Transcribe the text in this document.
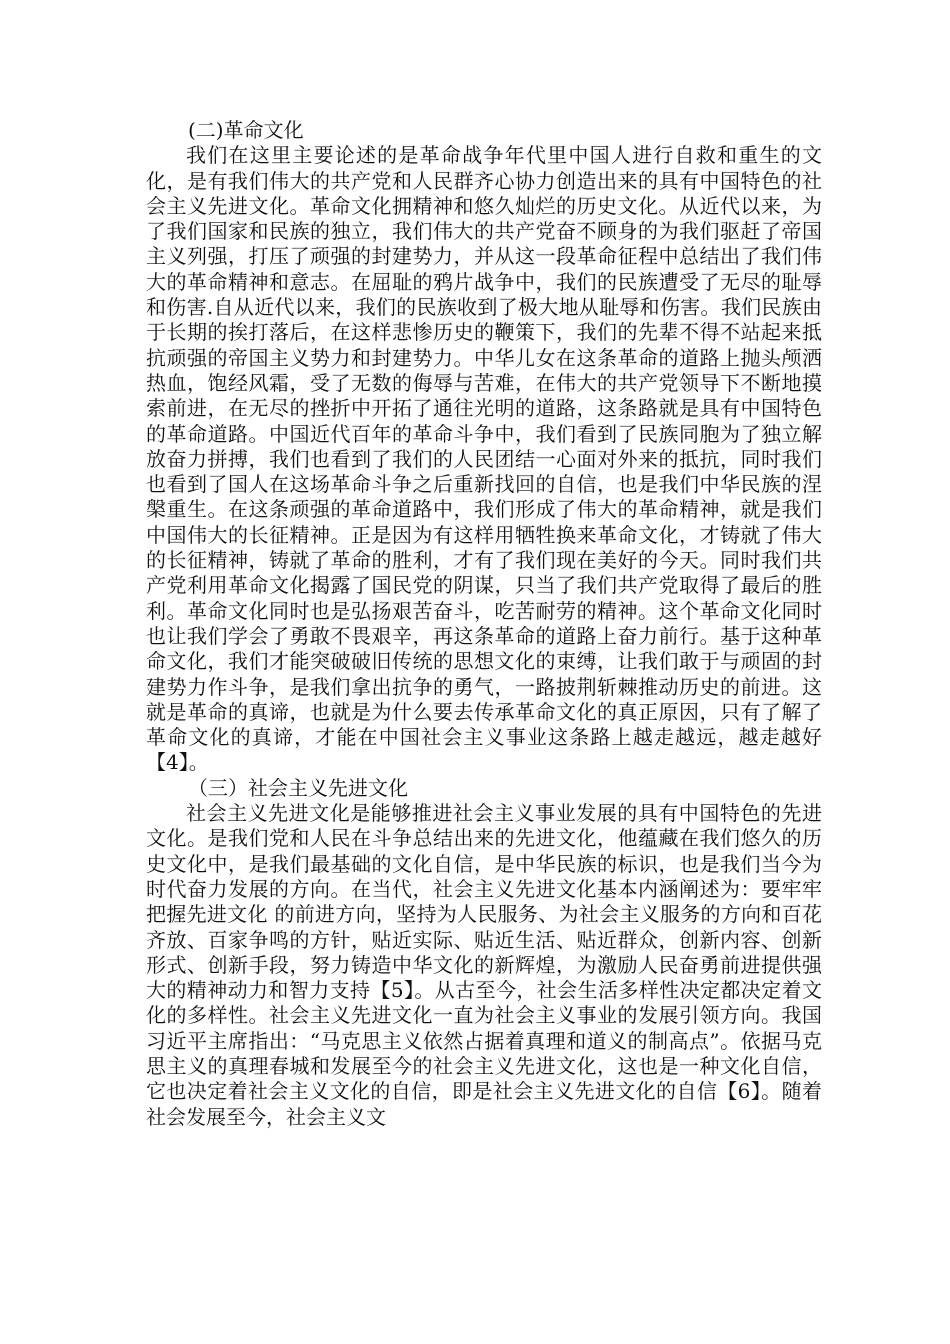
(二)革命文化

我们在这里主要论述的是革命战争年代里中国人进行自救和重生的文化，是有我们伟大的共产党和人民群齐心协力创造出来的具有中国特色的社会主义先进文化。革命文化拥精神和悠久灿烂的历史文化。从近代以来，为了我们国家和民族的独立，我们伟大的共产党奋不顾身的为我们驱赶了帝国主义列强，打压了顽强的封建势力，并从这一段革命征程中总结出了我们伟大的革命精神和意志。在屈耻的鸦片战争中，我们的民族遭受了无尽的耻辱和伤害.自从近代以来，我们的民族收到了极大地从耻辱和伤害。我们民族由于长期的挨打落后，在这样悲惨历史的鞭策下，我们的先辈不得不站起来抵抗顽强的帝国主义势力和封建势力。中华儿女在这条革命的道路上抛头颅洒热血，饱经风霜，受了无数的侮辱与苦难，在伟大的共产党领导下不断地摸索前进，在无尽的挫折中开拓了通往光明的道路，这条路就是具有中国特色的革命道路。中国近代百年的革命斗争中，我们看到了民族同胞为了独立解放奋力拼搏，我们也看到了我们的人民团结一心面对外来的抵抗，同时我们也看到了国人在这场革命斗争之后重新找回的自信，也是我们中华民族的涅槃重生。在这条顽强的革命道路中，我们形成了伟大的革命精神，就是我们中国伟大的长征精神。正是因为有这样用牺牲换来革命文化，才铸就了伟大的长征精神，铸就了革命的胜利，才有了我们现在美好的今天。同时我们共产党利用革命文化揭露了国民党的阴谋，只当了我们共产党取得了最后的胜利。革命文化同时也是弘扬艰苦奋斗，吃苦耐劳的精神。这个革命文化同时也让我们学会了勇敢不畏艰辛，再这条革命的道路上奋力前行。基于这种革命文化，我们才能突破破旧传统的思想文化的束缚，让我们敢于与顽固的封建势力作斗争，是我们拿出抗争的勇气，一路披荆斩棘推动历史的前进。这就是革命的真谛，也就是为什么要去传承革命文化的真正原因，只有了解了革命文化的真谛，才能在中国社会主义事业这条路上越走越远，越走越好【4】。

（三）社会主义先进文化

社会主义先进文化是能够推进社会主义事业发展的具有中国特色的先进文化。是我们党和人民在斗争总结出来的先进文化，他蕴藏在我们悠久的历史文化中，是我们最基础的文化自信，是中华民族的标识，也是我们当今为时代奋力发展的方向。在当代，社会主义先进文化基本内涵阐述为：要牢牢把握先进文化 的前进方向，坚持为人民服务、为社会主义服务的方向和百花齐放、百家争鸣的方针，贴近实际、贴近生活、贴近群众，创新内容、创新形式、创新手段，努力铸造中华文化的新辉煌，为激励人民奋勇前进提供强大的精神动力和智力支持【5】。从古至今，社会生活多样性决定都决定着文化的多样性。社会主义先进文化一直为社会主义事业的发展引领方向。我国习近平主席指出：“马克思主义依然占据着真理和道义的制高点”。依据马克思主义的真理春城和发展至今的社会主义先进文化，这也是一种文化自信，它也决定着社会主义文化的自信，即是社会主义先进文化的自信【6】。随着社会发展至今，社会主义文
